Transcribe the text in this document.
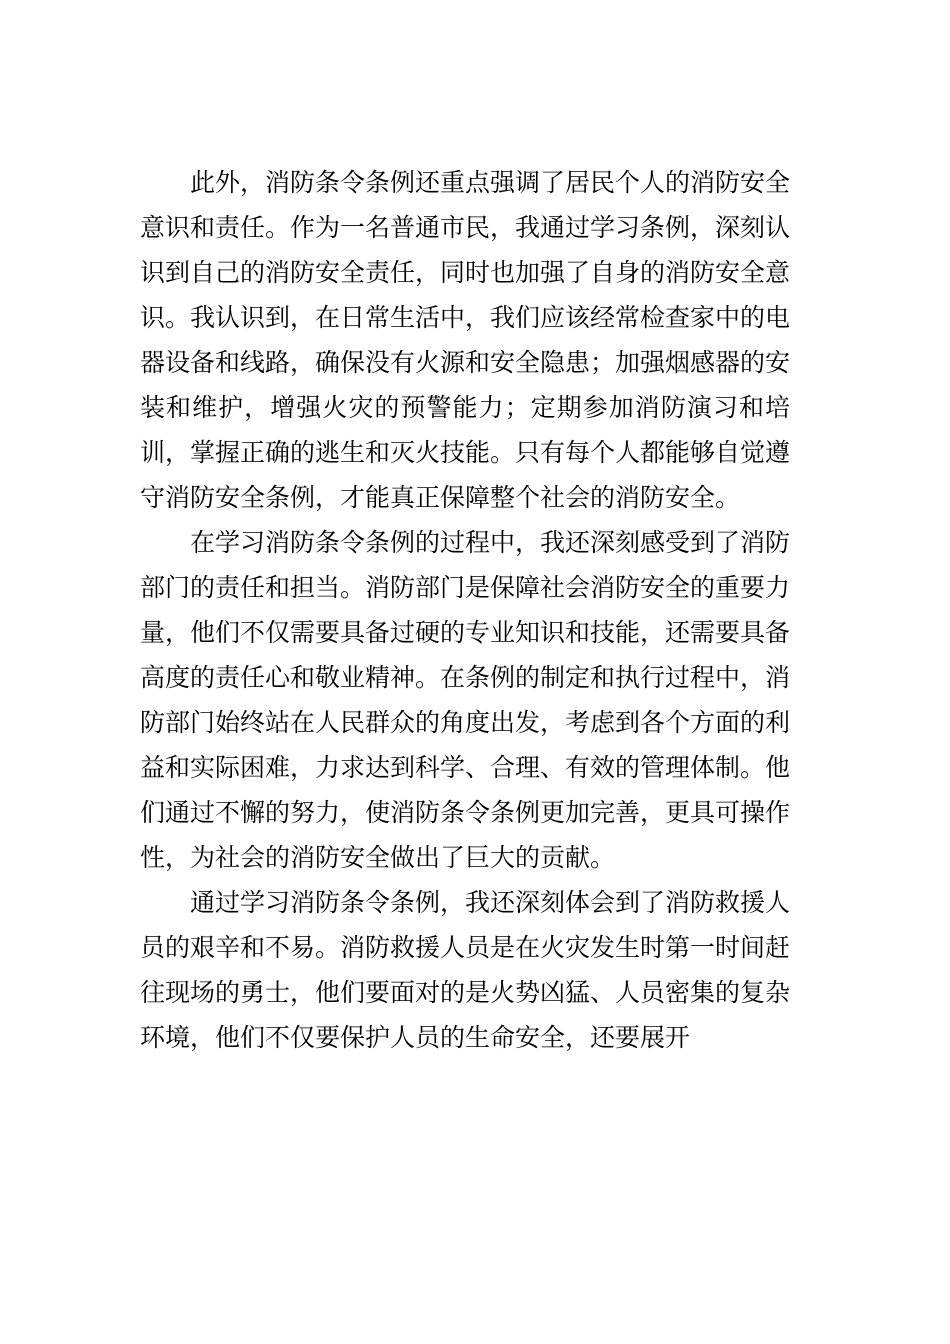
此外，消防条令条例还重点强调了居民个人的消防安全意识和责任。作为一名普通市民，我通过学习条例，深刻认识到自己的消防安全责任，同时也加强了自身的消防安全意识。我认识到，在日常生活中，我们应该经常检查家中的电器设备和线路，确保没有火源和安全隐患；加强烟感器的安装和维护，增强火灾的预警能力；定期参加消防演习和培训，掌握正确的逃生和灭火技能。只有每个人都能够自觉遵守消防安全条例，才能真正保障整个社会的消防安全。

在学习消防条令条例的过程中，我还深刻感受到了消防部门的责任和担当。消防部门是保障社会消防安全的重要力量，他们不仅需要具备过硬的专业知识和技能，还需要具备高度的责任心和敬业精神。在条例的制定和执行过程中，消防部门始终站在人民群众的角度出发，考虑到各个方面的利益和实际困难，力求达到科学、合理、有效的管理体制。他们通过不懈的努力，使消防条令条例更加完善，更具可操作性，为社会的消防安全做出了巨大的贡献。

通过学习消防条令条例，我还深刻体会到了消防救援人员的艰辛和不易。消防救援人员是在火灾发生时第一时间赶往现场的勇士，他们要面对的是火势凶猛、人员密集的复杂环境，他们不仅要保护人员的生命安全，还要展开
